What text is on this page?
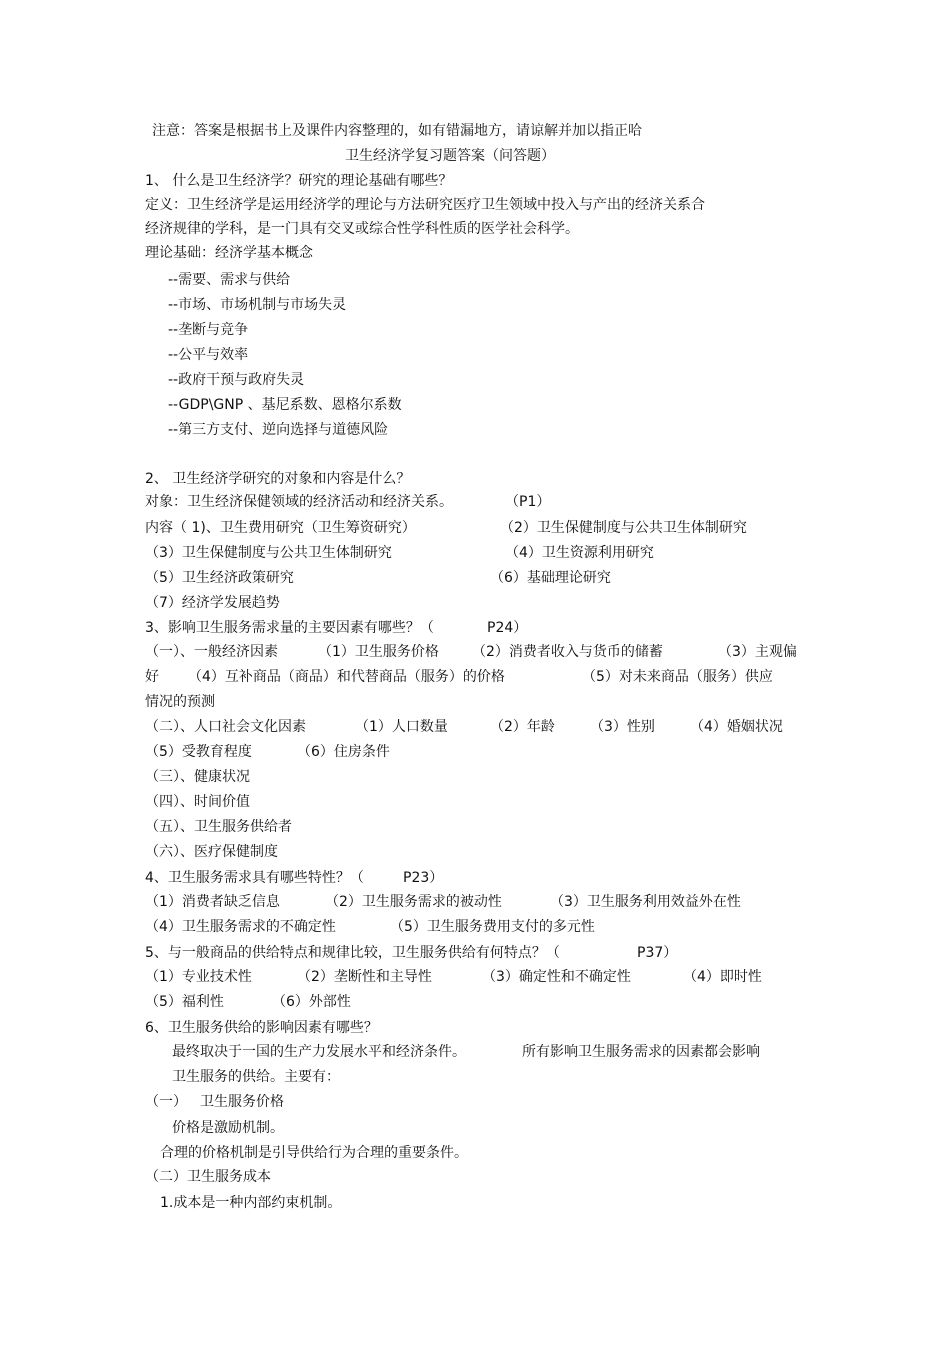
注意：答案是根据书上及课件内容整理的，如有错漏地方，请谅解并加以指正哈
卫生经济学复习题答案（问答题）
1、 什么是卫生经济学？研究的理论基础有哪些？
定义：卫生经济学是运用经济学的理论与方法研究医疗卫生领域中投入与产出的经济关系合
经济规律的学科，是一门具有交叉或综合性学科性质的医学社会科学。
理论基础：经济学基本概念
--需要、需求与供给
--市场、市场机制与市场失灵
--垄断与竞争
--公平与效率
--政府干预与政府失灵
--GDP\GNP 、基尼系数、恩格尔系数
--第三方支付、逆向选择与道德风险
2、 卫生经济学研究的对象和内容是什么？
对象：卫生经济保健领域的经济活动和经济关系。	（P1）
内容（ 1)、卫生费用研究（卫生筹资研究）	（2）卫生保健制度与公共卫生体制研究
（3）卫生保健制度与公共卫生体制研究	（4）卫生资源利用研究
（5）卫生经济政策研究	（6）基础理论研究
（7）经济学发展趋势
3、影响卫生服务需求量的主要因素有哪些？（	P24）
（一）、一般经济因素	（1）卫生服务价格 （2）消费者收入与货币的储蓄	（3）主观偏
好 （4）互补商品（商品）和代替商品（服务）的价格	（5）对未来商品（服务）供应
情况的预测
（二）、人口社会文化因素	（1）人口数量	（2）年龄	（3）性别	（4）婚姻状况
（5）受教育程度	（6）住房条件
（三）、健康状况
（四）、时间价值
（五）、卫生服务供给者
（六）、医疗保健制度
4、卫生服务需求具有哪些特性？（	P23）
（1）消费者缺乏信息	（2）卫生服务需求的被动性	（3）卫生服务利用效益外在性
（4）卫生服务需求的不确定性	（5）卫生服务费用支付的多元性
5、与一般商品的供给特点和规律比较，卫生服务供给有何特点？（	P37）
（1）专业技术性	（2）垄断性和主导性	（3）确定性和不确定性	（4）即时性
（5）福利性	（6）外部性
6、卫生服务供给的影响因素有哪些？
最终取决于一国的生产力发展水平和经济条件。	所有影响卫生服务需求的因素都会影响
卫生服务的供给。主要有：
（一） 卫生服务价格
价格是激励机制。
合理的价格机制是引导供给行为合理的重要条件。
（二）卫生服务成本
1.成本是一种内部约束机制。
